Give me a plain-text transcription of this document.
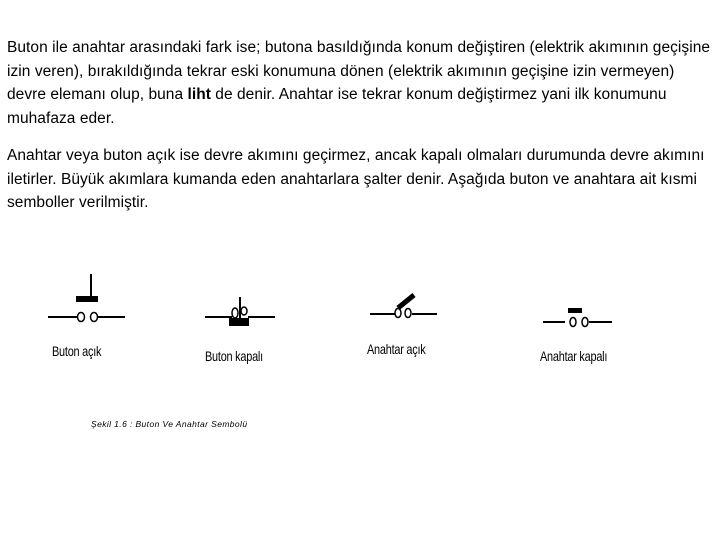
Buton ile anahtar arasındaki fark ise; butona basıldığında konum değiştiren (elektrik akımının geçişine izin veren), bırakıldığında tekrar eski konumuna dönen (elektrik akımının geçişine izin vermeyen) devre elemanı olup, buna liht de denir. Anahtar ise tekrar konum değiştirmez yani ilk konumunu muhafaza eder.

Anahtar veya buton açık ise devre akımını geçirmez, ancak kapalı olmaları durumunda devre akımını iletirler. Büyük akımlara kumanda eden anahtarlara şalter denir. Aşağıda buton ve anahtara ait kısmi semboller verilmiştir.

Buton açık	Buton kapalı	Anahtar açık	Anahtar kapalı
Şekil 1.6 : Buton Ve Anahtar Sembolü
